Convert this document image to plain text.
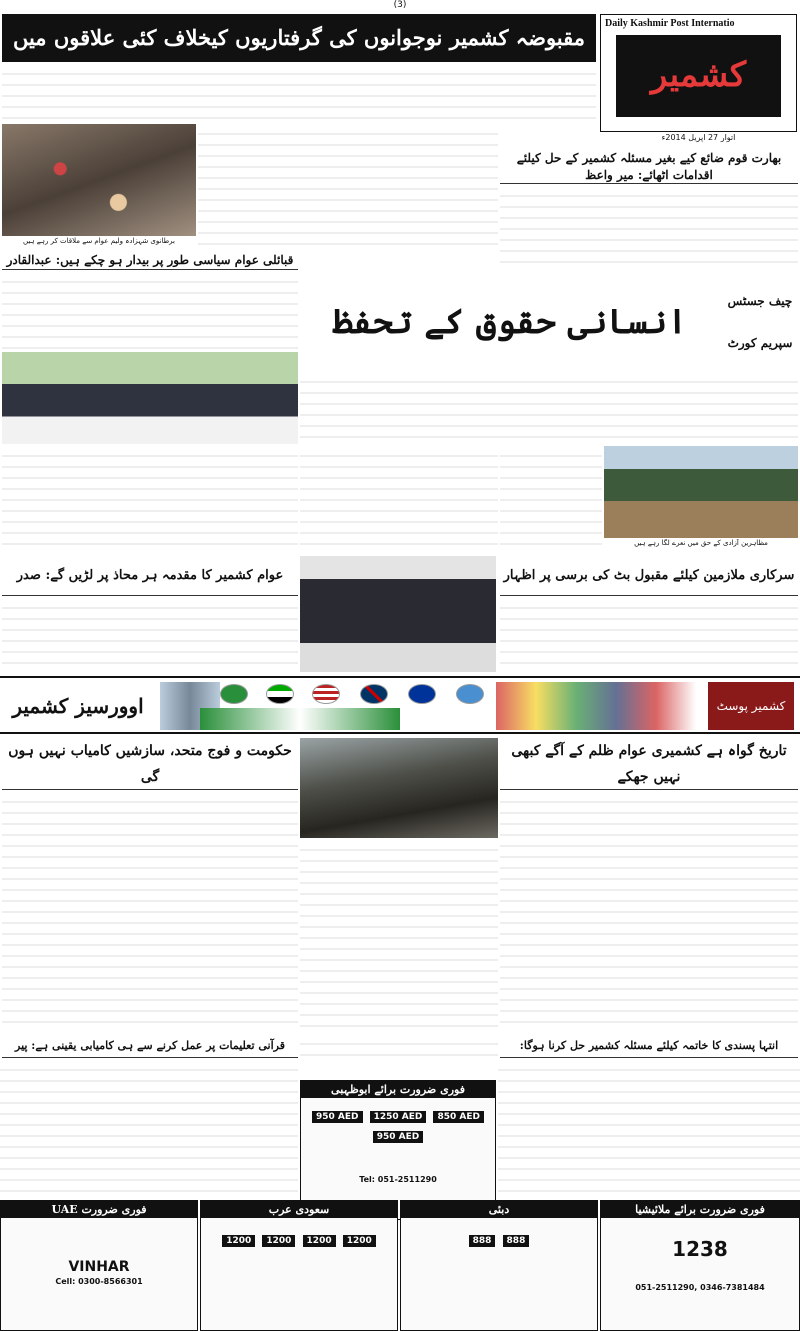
(3)
Daily Kashmir Post Internatio
کشمیر
اتوار 27 اپریل 2014ء
مقبوضہ کشمیر نوجوانوں کی گرفتاریوں کیخلاف کئی علاقوں میں
برطانوی شہزادہ ولیم عوام سے ملاقات کر رہے ہیں
قبائلی عوام سیاسی طور پر بیدار ہو چکے ہیں: عبدالقادر
بھارت قوم ضائع کیے بغیر مسئلہ کشمیر کے حل کیلئے اقدامات اٹھائے: میر واعظ
انسانی حقوق کے تحفظ
چیف جسٹس سپریم کورٹ
مظاہرین آزادی کے حق میں نعرے لگا رہے ہیں
عوام کشمیر کا مقدمہ ہر محاذ پر لڑیں گے: صدر	سرکاری ملازمین کیلئے مقبول بٹ کی برسی پر اظہار
اوورسیز کشمیر	کشمیر پوسٹ
حکومت و فوج متحد، سازشیں کامیاب نہیں ہوں گی
تاریخ گواہ ہے کشمیری عوام ظلم کے آگے کبھی نہیں جھکے
قرآنی تعلیمات پر عمل کرنے سے ہی کامیابی یقینی ہے: پیر	انتہا پسندی کا خاتمہ کیلئے مسئلہ کشمیر حل کرنا ہوگا:
فوری ضرورت برائے ابوظہبی
950 AED 1250 AED 850 AED 950 AED
Tel: 051-2511290
فوری ضرورت UAE
VINHAR
Cell: 0300-8566301
سعودی عرب
1200 1200 1200 1200
دبئی
888 888
فوری ضرورت برائے ملائیشیا
1238
051-2511290, 0346-7381484
